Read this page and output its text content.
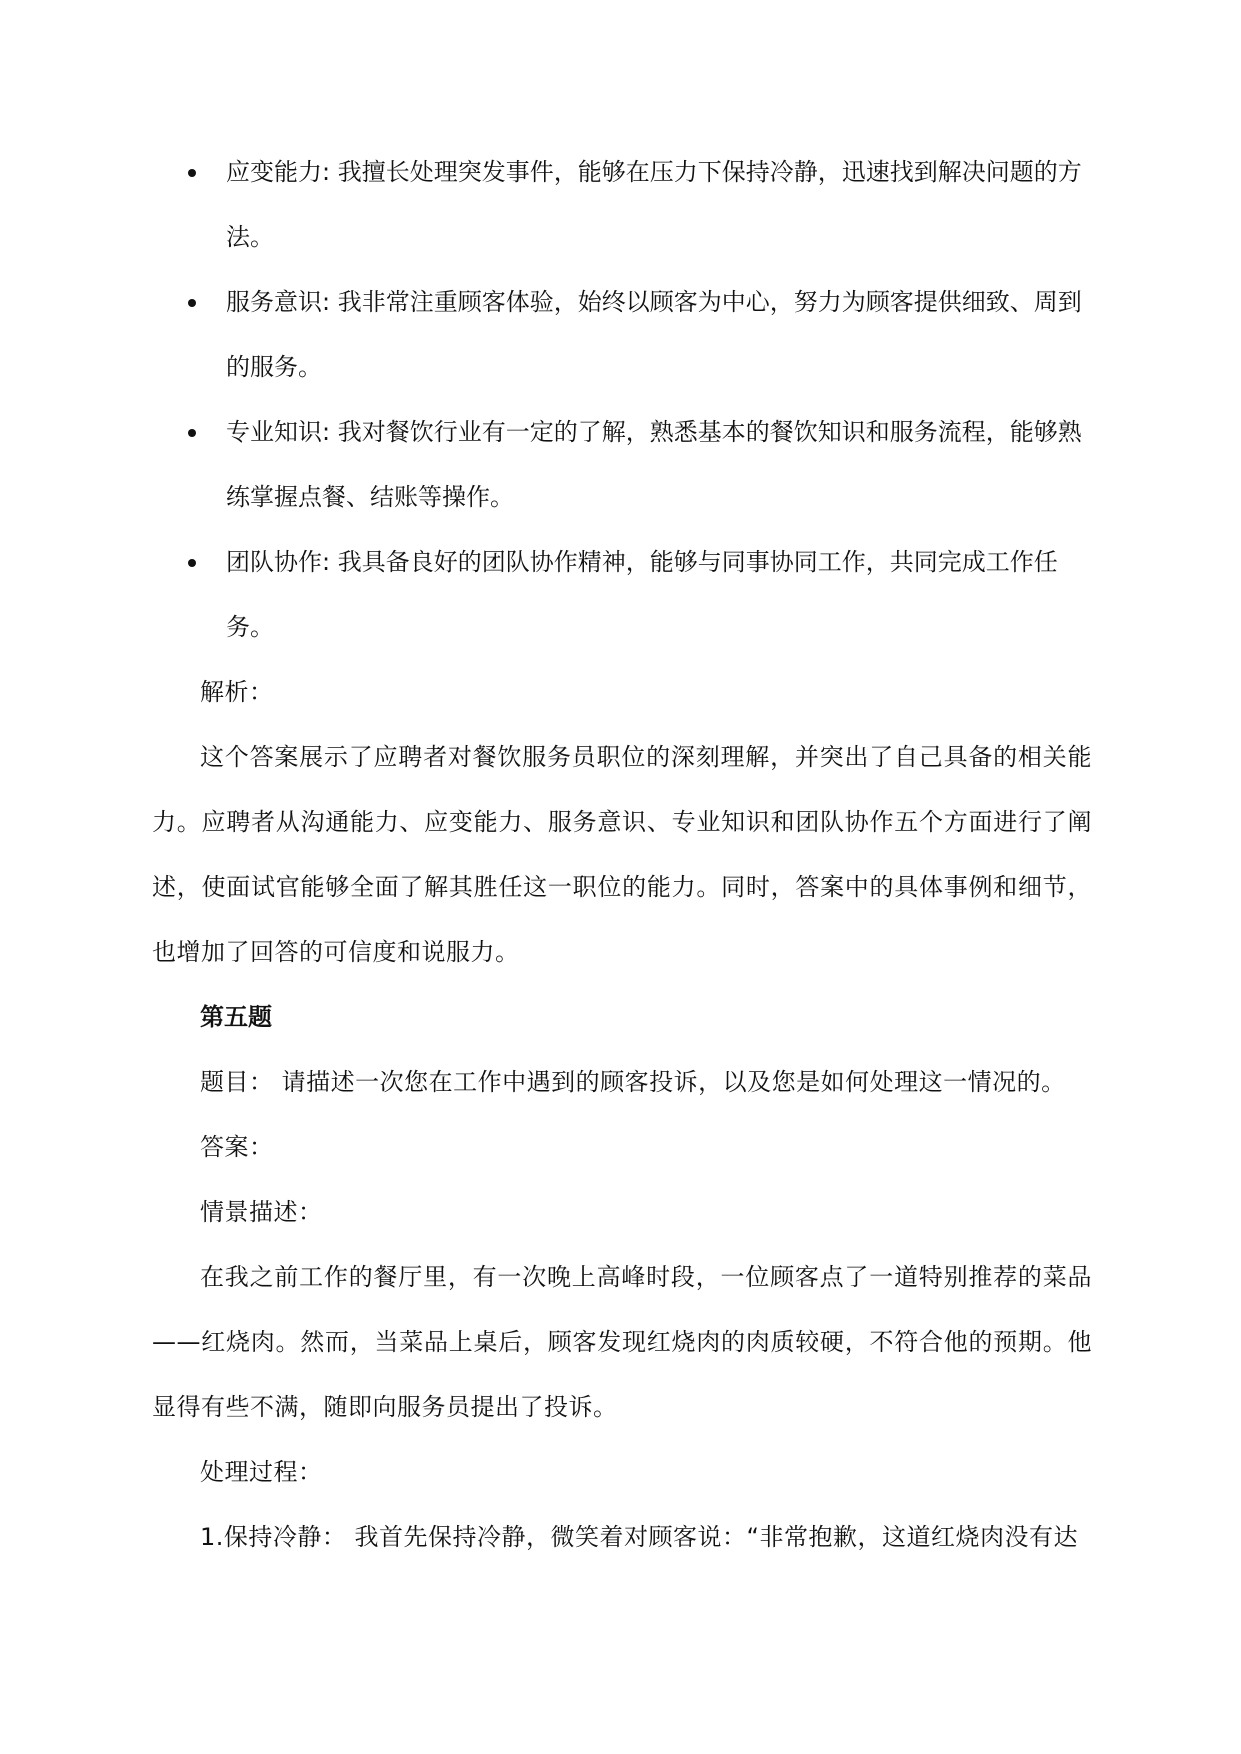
应变能力: 我擅长处理突发事件，能够在压力下保持冷静，迅速找到解决问题的方法。
服务意识: 我非常注重顾客体验，始终以顾客为中心，努力为顾客提供细致、周到的服务。
专业知识: 我对餐饮行业有一定的了解，熟悉基本的餐饮知识和服务流程，能够熟练掌握点餐、结账等操作。
团队协作: 我具备良好的团队协作精神，能够与同事协同工作，共同完成工作任务。

解析：

这个答案展示了应聘者对餐饮服务员职位的深刻理解，并突出了自己具备的相关能力。应聘者从沟通能力、应变能力、服务意识、专业知识和团队协作五个方面进行了阐述，使面试官能够全面了解其胜任这一职位的能力。同时，答案中的具体事例和细节，也增加了回答的可信度和说服力。

第五题

题目： 请描述一次您在工作中遇到的顾客投诉，以及您是如何处理这一情况的。

答案：

情景描述：

在我之前工作的餐厅里，有一次晚上高峰时段，一位顾客点了一道特别推荐的菜品——红烧肉。然而，当菜品上桌后，顾客发现红烧肉的肉质较硬，不符合他的预期。他显得有些不满，随即向服务员提出了投诉。

处理过程：

1.保持冷静： 我首先保持冷静，微笑着对顾客说：“非常抱歉，这道红烧肉没有达
